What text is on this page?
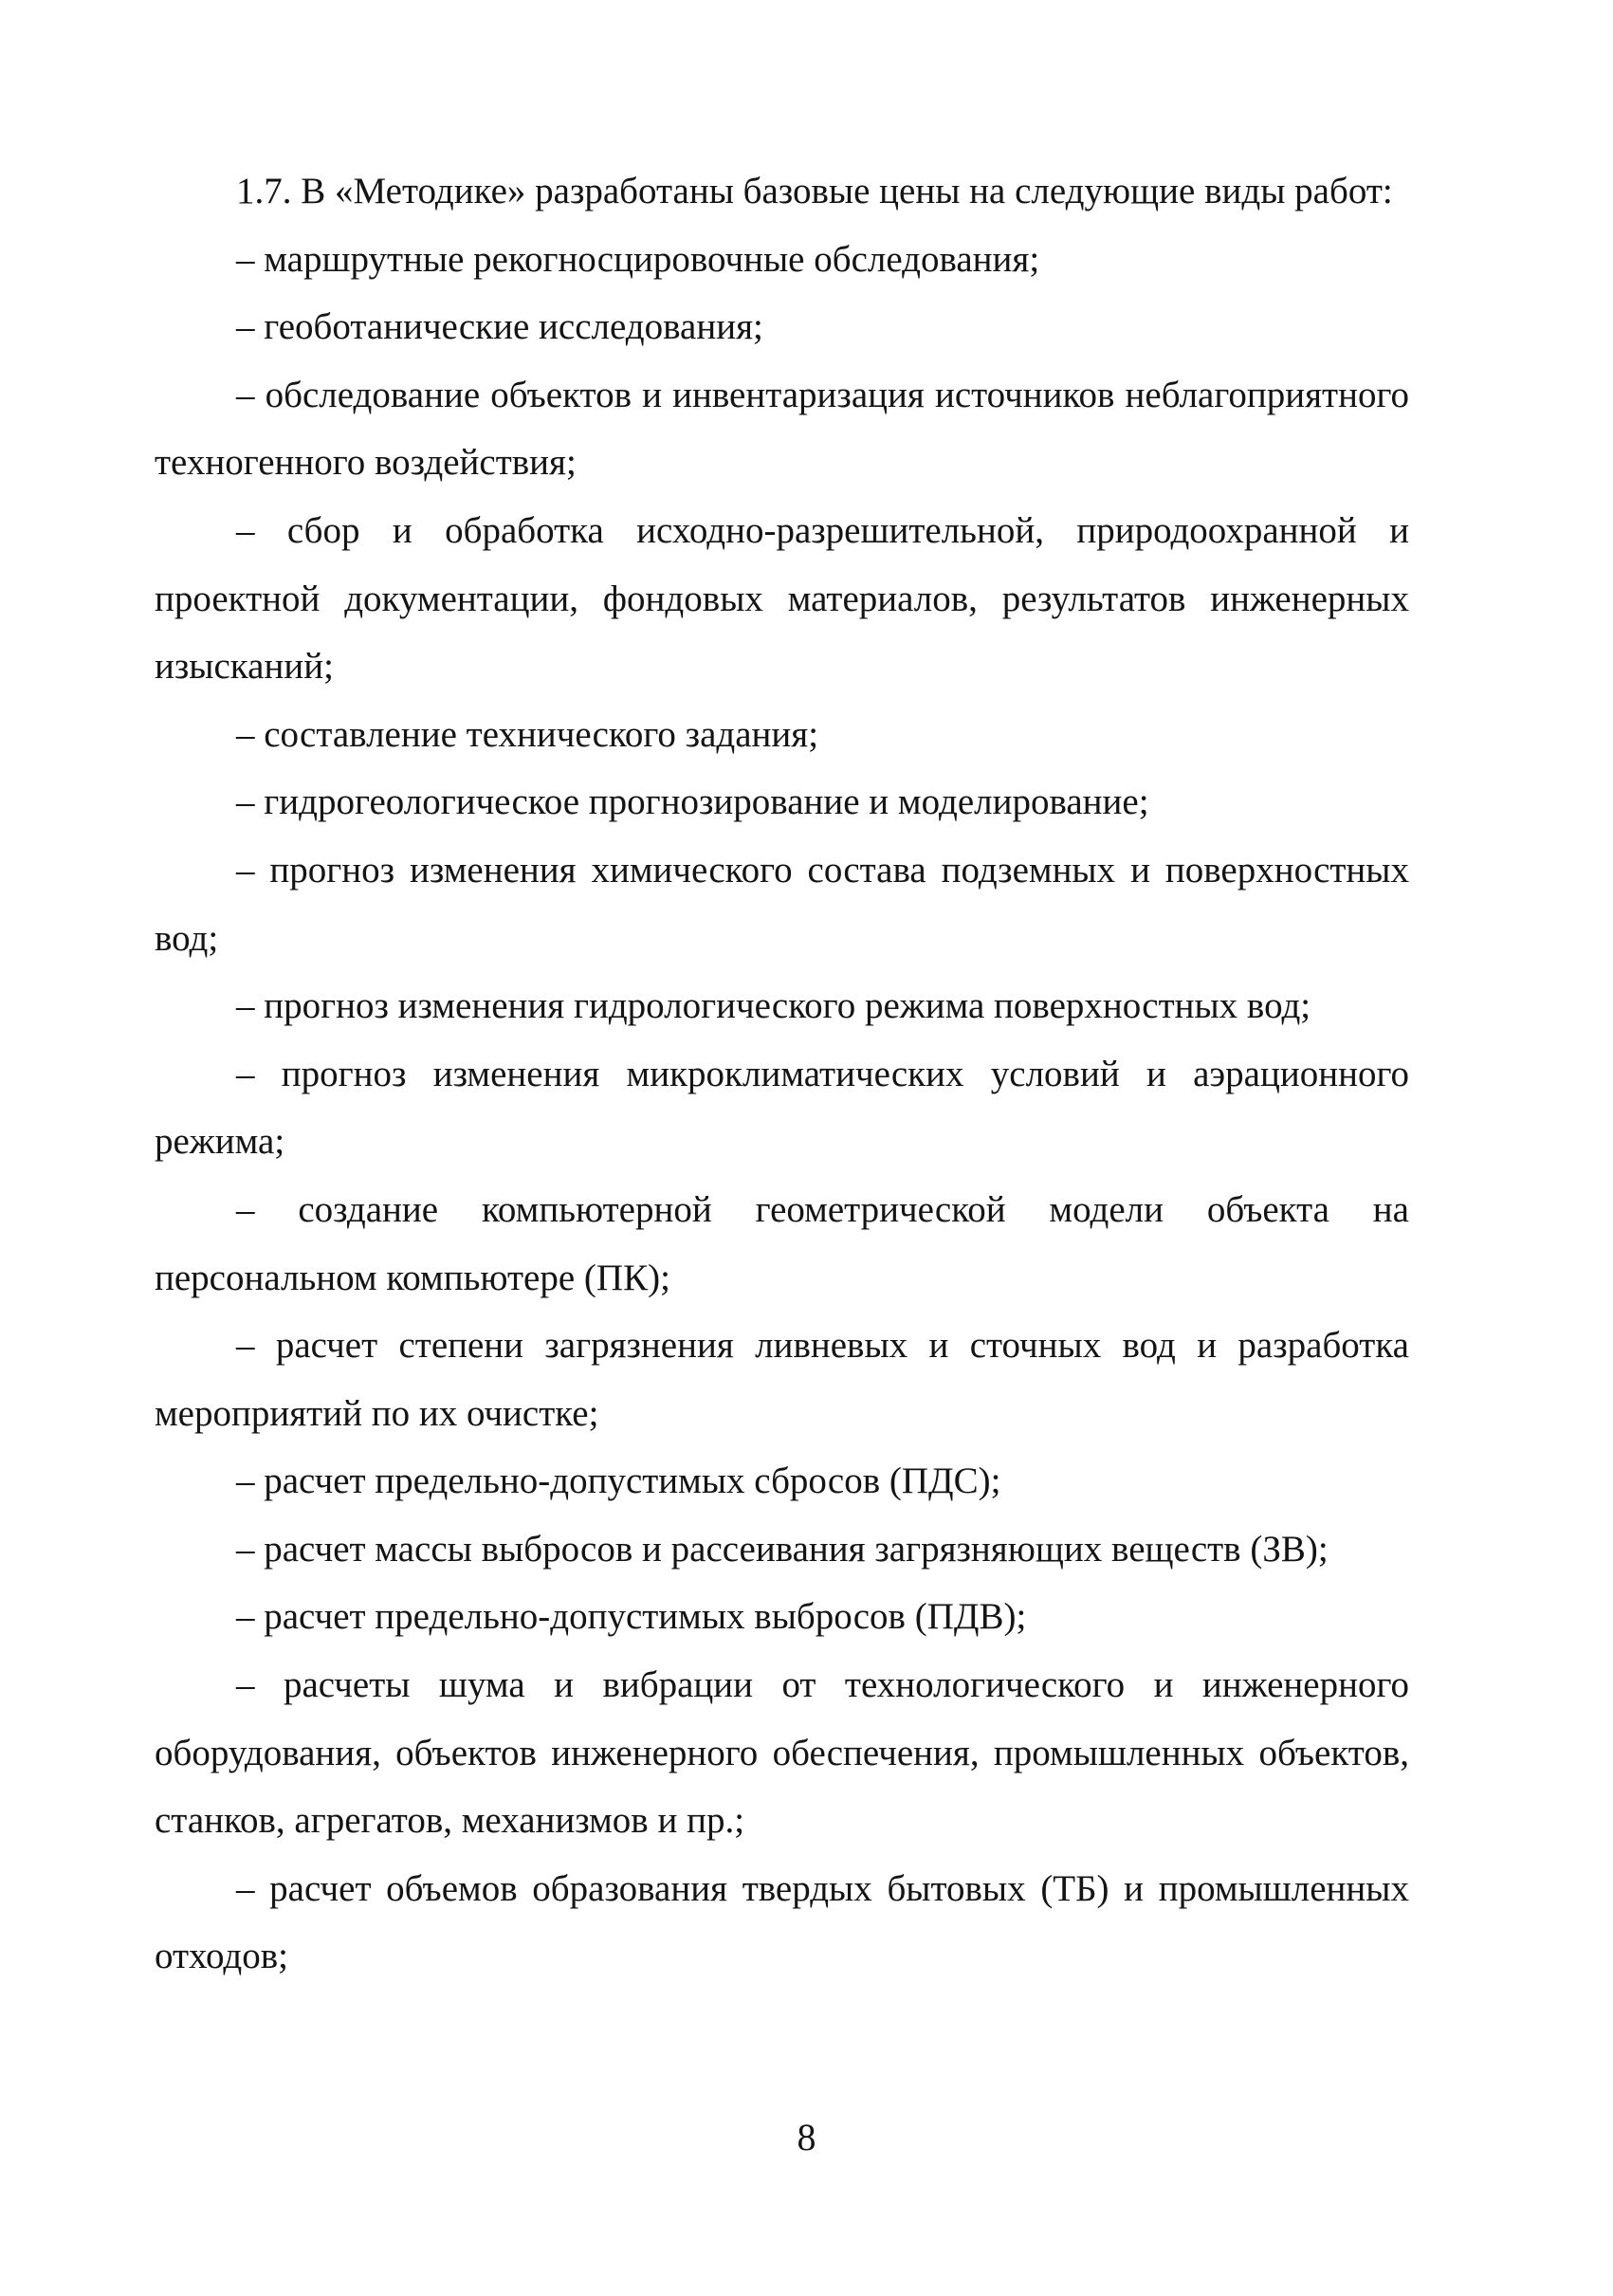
1.7. В «Методике» разработаны базовые цены на следующие виды работ:

– маршрутные рекогносцировочные обследования;

– геоботанические исследования;

– обследование объектов и инвентаризация источников неблагоприятного техногенного воздействия;

– сбор и обработка исходно-разрешительной, природоохранной и проектной документации, фондовых материалов, результатов инженерных изысканий;

– составление технического задания;

– гидрогеологическое прогнозирование и моделирование;

– прогноз изменения химического состава подземных и поверхностных вод;

– прогноз изменения гидрологического режима поверхностных вод;

– прогноз изменения микроклиматических условий и аэрационного режима;

– создание компьютерной геометрической модели объекта на персональном компьютере (ПК);

– расчет степени загрязнения ливневых и сточных вод и разработка мероприятий по их очистке;

– расчет предельно-допустимых сбросов (ПДС);

– расчет массы выбросов и рассеивания загрязняющих веществ (ЗВ);

– расчет предельно-допустимых выбросов (ПДВ);

– расчеты шума и вибрации от технологического и инженерного оборудования, объектов инженерного обеспечения, промышленных объектов, станков, агрегатов, механизмов и пр.;

– расчет объемов образования твердых бытовых (ТБ) и промышленных отходов;

8
